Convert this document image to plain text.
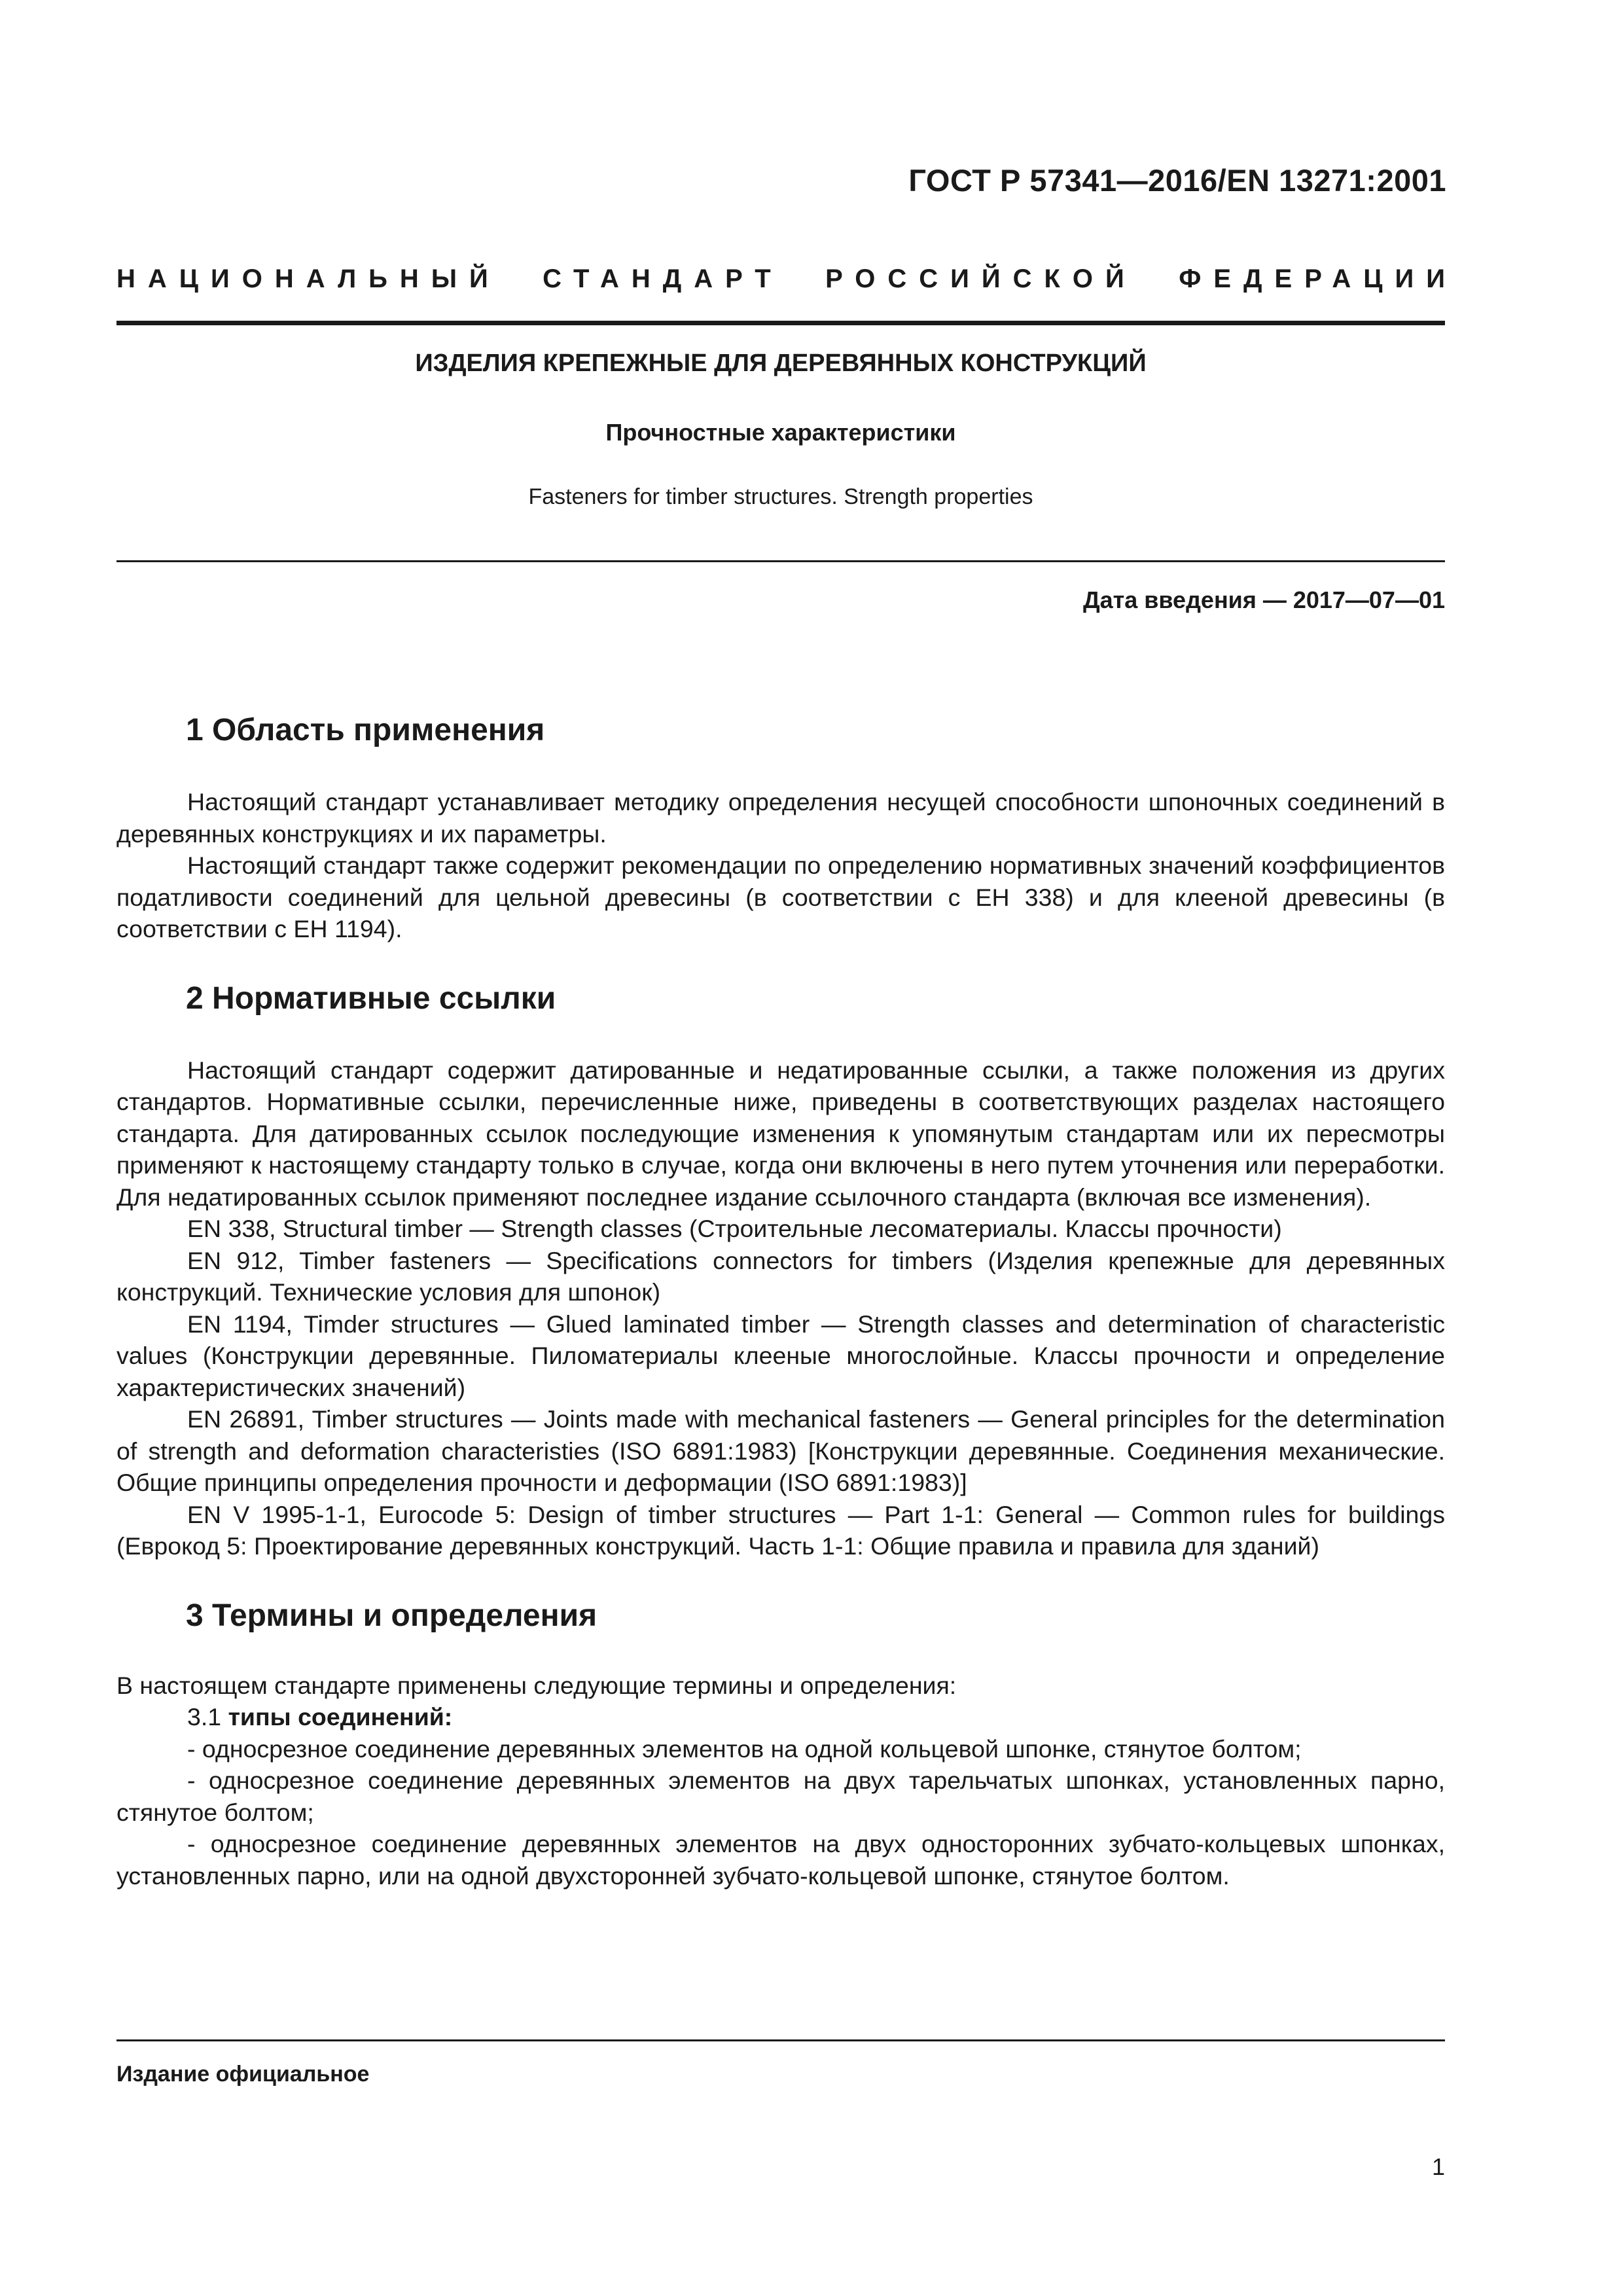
ГОСТ Р 57341—2016/EN 13271:2001
НАЦИОНАЛЬНЫЙ СТАНДАРТ РОССИЙСКОЙ ФЕДЕРАЦИИ
ИЗДЕЛИЯ КРЕПЕЖНЫЕ ДЛЯ ДЕРЕВЯННЫХ КОНСТРУКЦИЙ
Прочностные характеристики
Fasteners for timber structures. Strength properties
Дата введения — 2017—07—01
1 Область применения

Настоящий стандарт устанавливает методику определения несущей способности шпоночных соединений в деревянных конструкциях и их параметры.

Настоящий стандарт также содержит рекомендации по определению нормативных значений коэффициентов податливости соединений для цельной древесины (в соответствии с ЕН 338) и для клееной древесины (в соответствии с ЕН 1194).

2 Нормативные ссылки

Настоящий стандарт содержит датированные и недатированные ссылки, а также положения из других стандартов. Нормативные ссылки, перечисленные ниже, приведены в соответствующих разделах настоящего стандарта. Для датированных ссылок последующие изменения к упомянутым стандартам или их пересмотры применяют к настоящему стандарту только в случае, когда они включены в него путем уточнения или переработки. Для недатированных ссылок применяют последнее издание ссылочного стандарта (включая все изменения).

EN 338, Structural timber — Strength classes (Строительные лесоматериалы. Классы прочности)

EN 912, Timber fasteners — Specifications connectors for timbers (Изделия крепежные для деревянных конструкций. Технические условия для шпонок)

EN 1194, Timder structures — Glued laminated timber — Strength classes and determination of characteristic values (Конструкции деревянные. Пиломатериалы клееные многослойные. Классы прочности и определение характеристических значений)

EN 26891, Timber structures — Joints made with mechanical fasteners — General principles for the determination of strength and deformation characteristies (ISO 6891:1983) [Конструкции деревянные. Соединения механические. Общие принципы определения прочности и деформации (ISO 6891:1983)]

EN V 1995-1-1, Eurocode 5: Design of timber structures — Part 1-1: General — Common rules for buildings (Еврокод 5: Проектирование деревянных конструкций. Часть 1-1: Общие правила и правила для зданий)

3 Термины и определения

В настоящем стандарте применены следующие термины и определения:

3.1 типы соединений:

- односрезное соединение деревянных элементов на одной кольцевой шпонке, стянутое болтом;

- односрезное соединение деревянных элементов на двух тарельчатых шпонках, установленных парно, стянутое болтом;

- односрезное соединение деревянных элементов на двух односторонних зубчато-кольцевых шпонках, установленных парно, или на одной двухсторонней зубчато-кольцевой шпонке, стянутое болтом.

Издание официальное
1
